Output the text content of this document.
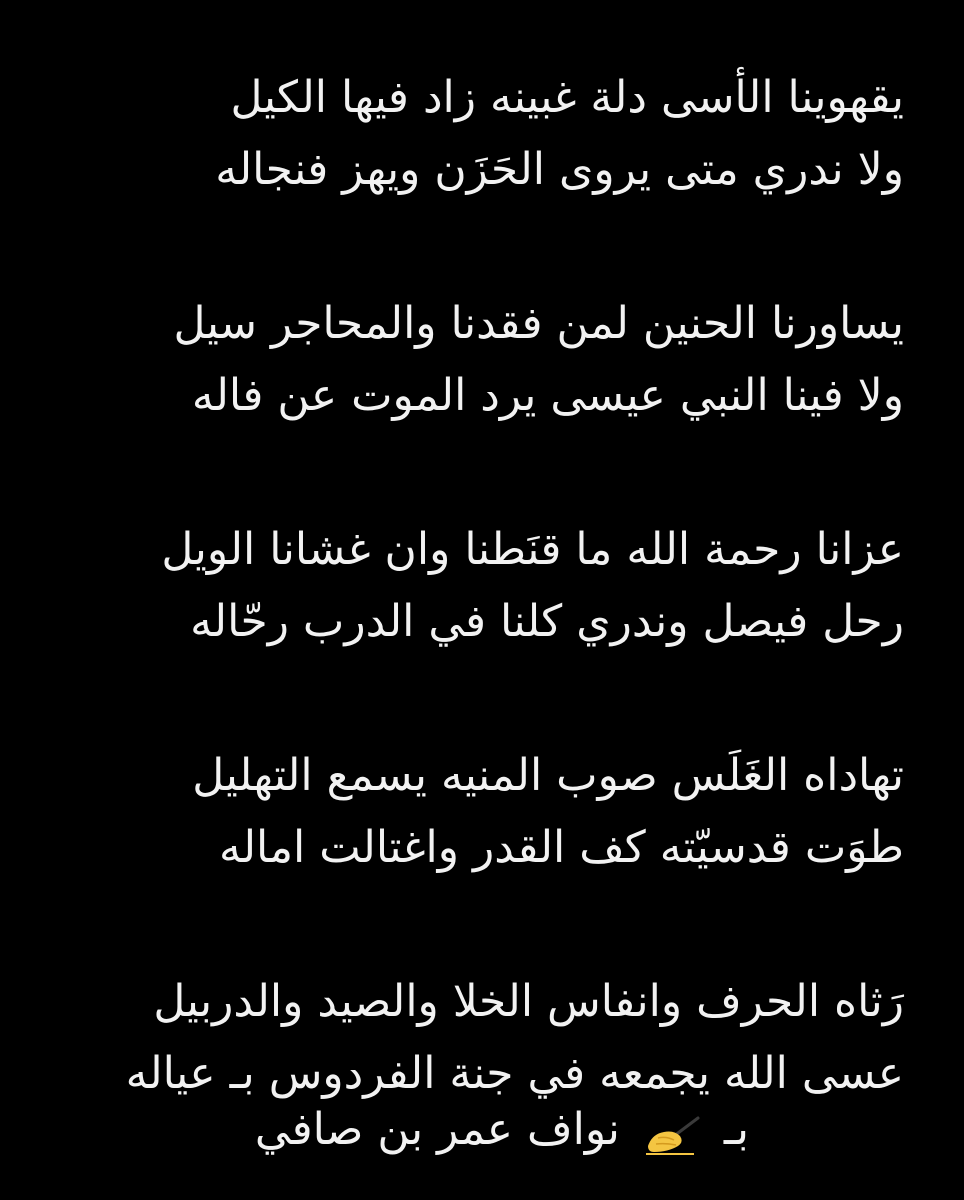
يقهوينا الأسى دلة غبينه زاد فيها الكيل
ولا ندري متى يروى الحَزَن ويهز فنجاله
يساورنا الحنين لمن فقدنا والمحاجر سيل
ولا فينا النبي عيسى يرد الموت عن فاله
عزانا رحمة الله ما قنَطنا وان غشانا الويل
رحل فيصل وندري كلنا في الدرب رحّاله
تهاداه الغَلَس صوب المنيه يسمع التهليل
طوَت قدسيّته كف القدر واغتالت اماله
رَثاه الحرف وانفاس الخلا والصيد والدربيل
عسى الله يجمعه في جنة الفردوس بـ عياله
بـ  نواف عمر بن صافي
